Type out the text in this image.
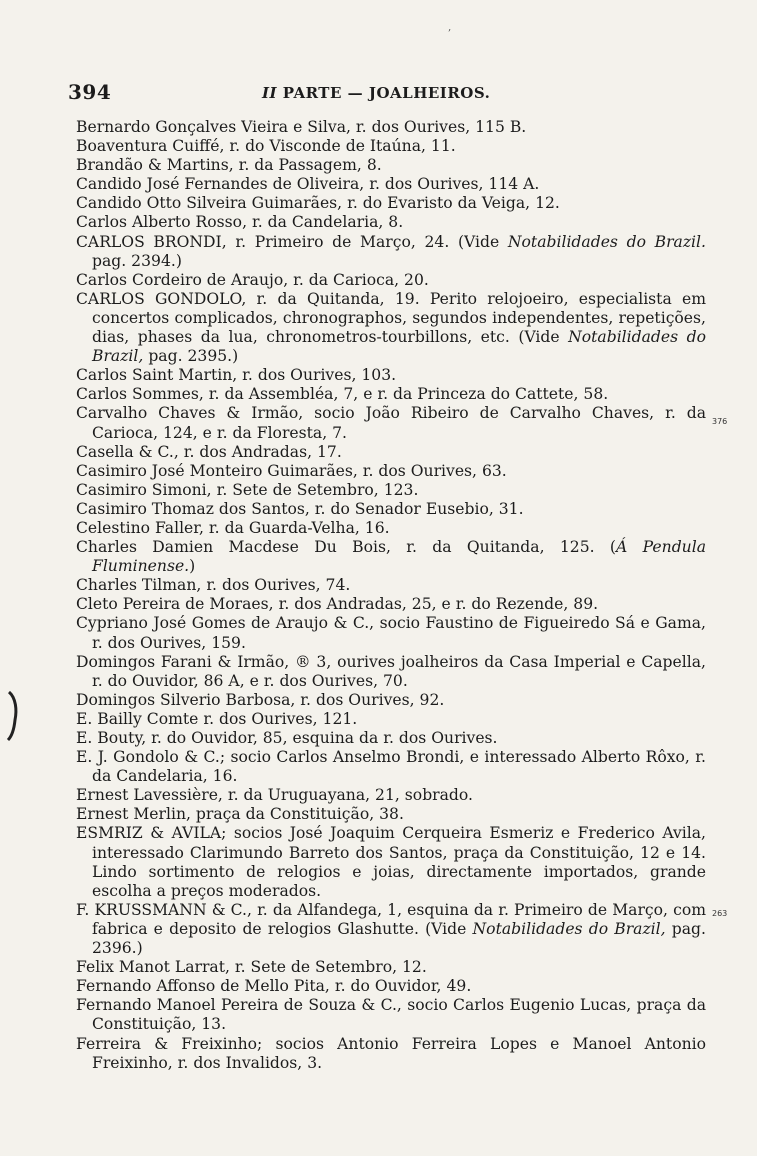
‚
394	II PARTE — JOALHEIROS.

Bernardo Gonçalves Vieira e Silva, r. dos Ourives, 115 B.

Boaventura Cuiffé, r. do Visconde de Itaúna, 11.

Brandão & Martins, r. da Passagem, 8.

Candido José Fernandes de Oliveira, r. dos Ourives, 114 A.

Candido Otto Silveira Guimarães, r. do Evaristo da Veiga, 12.

Carlos Alberto Rosso, r. da Candelaria, 8.

CARLOS BRONDI, r. Primeiro de Março, 24. (Vide Notabilidades do Brazil. pag. 2394.)

Carlos Cordeiro de Araujo, r. da Carioca, 20.

CARLOS GONDOLO, r. da Quitanda, 19. Perito relojoeiro, especialista em concertos complicados, chronographos, segundos independentes, repetições, dias, phases da lua, chronometros-tourbillons, etc. (Vide Notabilidades do Brazil, pag. 2395.)

Carlos Saint Martin, r. dos Ourives, 103.

Carlos Sommes, r. da Assembléa, 7, e r. da Princeza do Cattete, 58.

Carvalho Chaves & Irmão, socio João Ribeiro de Carvalho Chaves, r. da Carioca, 124, e r. da Floresta, 7.

Casella & C., r. dos Andradas, 17.

Casimiro José Monteiro Guimarães, r. dos Ourives, 63.

Casimiro Simoni, r. Sete de Setembro, 123.

Casimiro Thomaz dos Santos, r. do Senador Eusebio, 31.

Celestino Faller, r. da Guarda-Velha, 16.

Charles Damien Macdese Du Bois, r. da Quitanda, 125. (Á Pendula Fluminense.)

Charles Tilman, r. dos Ourives, 74.

Cleto Pereira de Moraes, r. dos Andradas, 25, e r. do Rezende, 89.

Cypriano José Gomes de Araujo & C., socio Faustino de Figueiredo Sá e Gama, r. dos Ourives, 159.

Domingos Farani & Irmão, ® 3, ourives joalheiros da Casa Imperial e Capella, r. do Ouvidor, 86 A, e r. dos Ourives, 70.

Domingos Silverio Barbosa, r. dos Ourives, 92.

E. Bailly Comte r. dos Ourives, 121.

E. Bouty, r. do Ouvidor, 85, esquina da r. dos Ourives.

E. J. Gondolo & C.; socio Carlos Anselmo Brondi, e interessado Alberto Rôxo, r. da Candelaria, 16.

Ernest Lavessière, r. da Uruguayana, 21, sobrado.

Ernest Merlin, praça da Constituição, 38.

ESMRIZ & AVILA; socios José Joaquim Cerqueira Esmeriz e Frederico Avila, interessado Clarimundo Barreto dos Santos, praça da Constituição, 12 e 14. Lindo sortimento de relogios e joias, directamente importados, grande escolha a preços moderados.

F. KRUSSMANN & C., r. da Alfandega, 1, esquina da r. Primeiro de Março, com fabrica e deposito de relogios Glashutte. (Vide Notabilidades do Brazil, pag. 2396.)

Felix Manot Larrat, r. Sete de Setembro, 12.

Fernando Affonso de Mello Pita, r. do Ouvidor, 49.

Fernando Manoel Pereira de Souza & C., socio Carlos Eugenio Lucas, praça da Constituição, 13.

Ferreira & Freixinho; socios Antonio Ferreira Lopes e Manoel Antonio Freixinho, r. dos Invalidos, 3.

376
263
